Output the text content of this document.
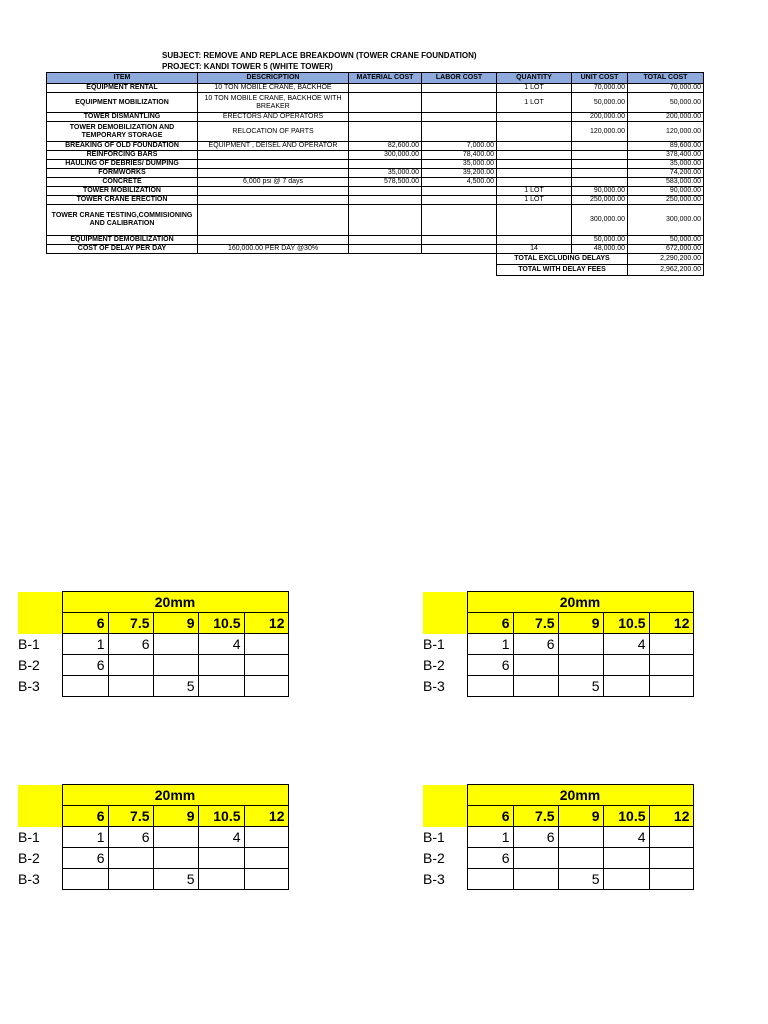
SUBJECT: REMOVE AND REPLACE BREAKDOWN (TOWER CRANE FOUNDATION)
PROJECT: KANDI TOWER 5 (WHITE TOWER)
ITEM	DESCRICPTION	MATERIAL COST	LABOR COST	QUANTITY	UNIT COST	TOTAL COST
EQUIPMENT RENTAL	10 TON MOBILE CRANE, BACKHOE			1 LOT	70,000.00	70,000.00
EQUIPMENT MOBILIZATION	10 TON MOBILE CRANE, BACKHOE WITH BREAKER			1 LOT	50,000.00	50,000.00
TOWER DISMANTLING	ERECTORS AND OPERATORS				200,000.00	200,000.00
TOWER DEMOBILIZATION AND TEMPORARY STORAGE	RELOCATION OF PARTS				120,000.00	120,000.00
BREAKING OF OLD FOUNDATION	EQUIPMENT , DEISEL AND OPERATOR	82,600.00	7,000.00			89,600.00
REINFORCING BARS		300,000.00	78,400.00			378,400.00
HAULING OF DEBRIES/ DUMPING			35,000.00			35,000.00
FORMWORKS		35,000.00	39,200.00			74,200.00
CONCRETE	6,000 psi @ 7 days	578,500.00	4,500.00			583,000.00
TOWER MOBILIZATION				1 LOT	90,000.00	90,000.00
TOWER CRANE ERECTION				1 LOT	250,000.00	250,000.00
TOWER CRANE TESTING,COMMISIONING AND CALIBRATION					300,000.00	300,000.00
EQUIPMENT DEMOBILIZATION					50,000.00	50,000.00
COST OF DELAY PER DAY	160,000.00 PER DAY @30%			14	48,000.00	672,000.00
				TOTAL EXCLUDING DELAYS		2,290,200.00
				TOTAL WITH DELAY FEES		2,962,200.00
	20mm				
	6	7.5	9	10.5	12
B-1	1	6		4	
B-2	6				
B-3			5		
	20mm				
	6	7.5	9	10.5	12
B-1	1	6		4	
B-2	6				
B-3			5		
	20mm				
	6	7.5	9	10.5	12
B-1	1	6		4	
B-2	6				
B-3			5		
	20mm				
	6	7.5	9	10.5	12
B-1	1	6		4	
B-2	6				
B-3			5		
